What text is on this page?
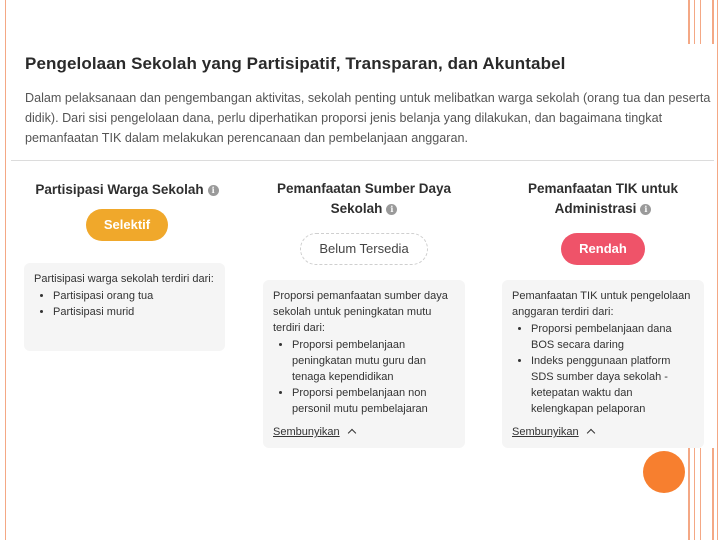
Pengelolaan Sekolah yang Partisipatif, Transparan, dan Akuntabel
Dalam pelaksanaan dan pengembangan aktivitas, sekolah penting untuk melibatkan warga sekolah (orang tua dan peserta didik). Dari sisi pengelolaan dana, perlu diperhatikan proporsi jenis belanja yang dilakukan, dan bagaimana tingkat pemanfaatan TIK dalam melakukan perencanaan dan pembelanjaan anggaran.
Partisipasi Warga Sekolah i
Selektif
Partisipasi warga sekolah terdiri dari:
• Partisipasi orang tua
• Partisipasi murid
Pemanfaatan Sumber Daya
Sekolah i
Belum Tersedia
Proporsi pemanfaatan sumber daya sekolah untuk peningkatan mutu terdiri dari:
• Proporsi pembelanjaan peningkatan mutu guru dan tenaga kependidikan
• Proporsi pembelanjaan non personil mutu pembelajaran
Sembunyikan
Pemanfaatan TIK untuk
Administrasi i
Rendah
Pemanfaatan TIK untuk pengelolaan anggaran terdiri dari:
• Proporsi pembelanjaan dana BOS secara daring
• Indeks penggunaan platform SDS sumber daya sekolah - ketepatan waktu dan kelengkapan pelaporan
Sembunyikan
